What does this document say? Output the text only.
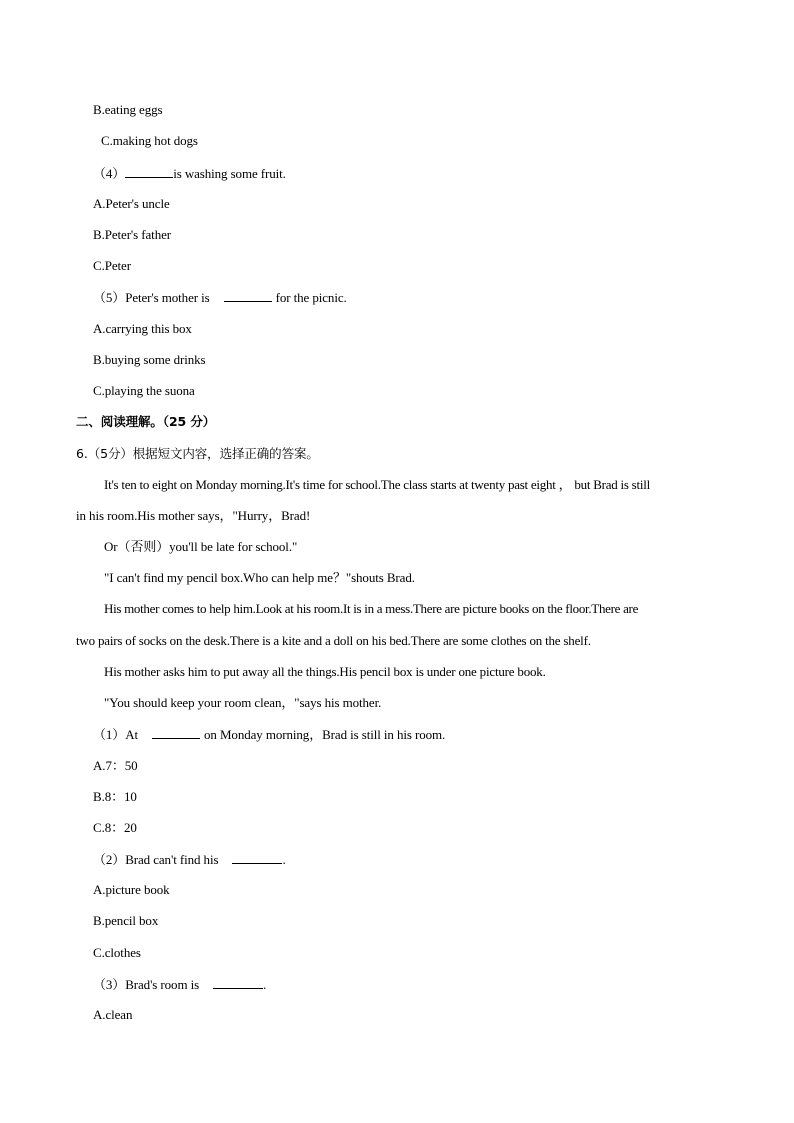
B.eating eggs
C.making hot dogs
（4）	is washing some fruit.
A.Peter's uncle
B.Peter's father
C.Peter
（5）Peter's mother is	for the picnic.
A.carrying this box
B.buying some drinks
C.playing the suona
二、阅读理解。（25 分）
6.（5分）根据短文内容，选择正确的答案。
It's ten to eight on Monday morning.It's time for school.The class starts at twenty past eight ， but Brad is still
in his room.His mother says，"Hurry，Brad!
Or（否则）you'll be late for school."
"I can't find my pencil box.Who can help me？"shouts Brad.
His mother comes to help him.Look at his room.It is in a mess.There are picture books on the floor.There are
two pairs of socks on the desk.There is a kite and a doll on his bed.There are some clothes on the shelf.
His mother asks him to put away all the things.His pencil box is under one picture book.
"You should keep your room clean，"says his mother.
（1）At	on Monday morning，Brad is still in his room.
A.7：50
B.8：10
C.8：20
（2）Brad can't find his	.
A.picture book
B.pencil box
C.clothes
（3）Brad's room is	.
A.clean
